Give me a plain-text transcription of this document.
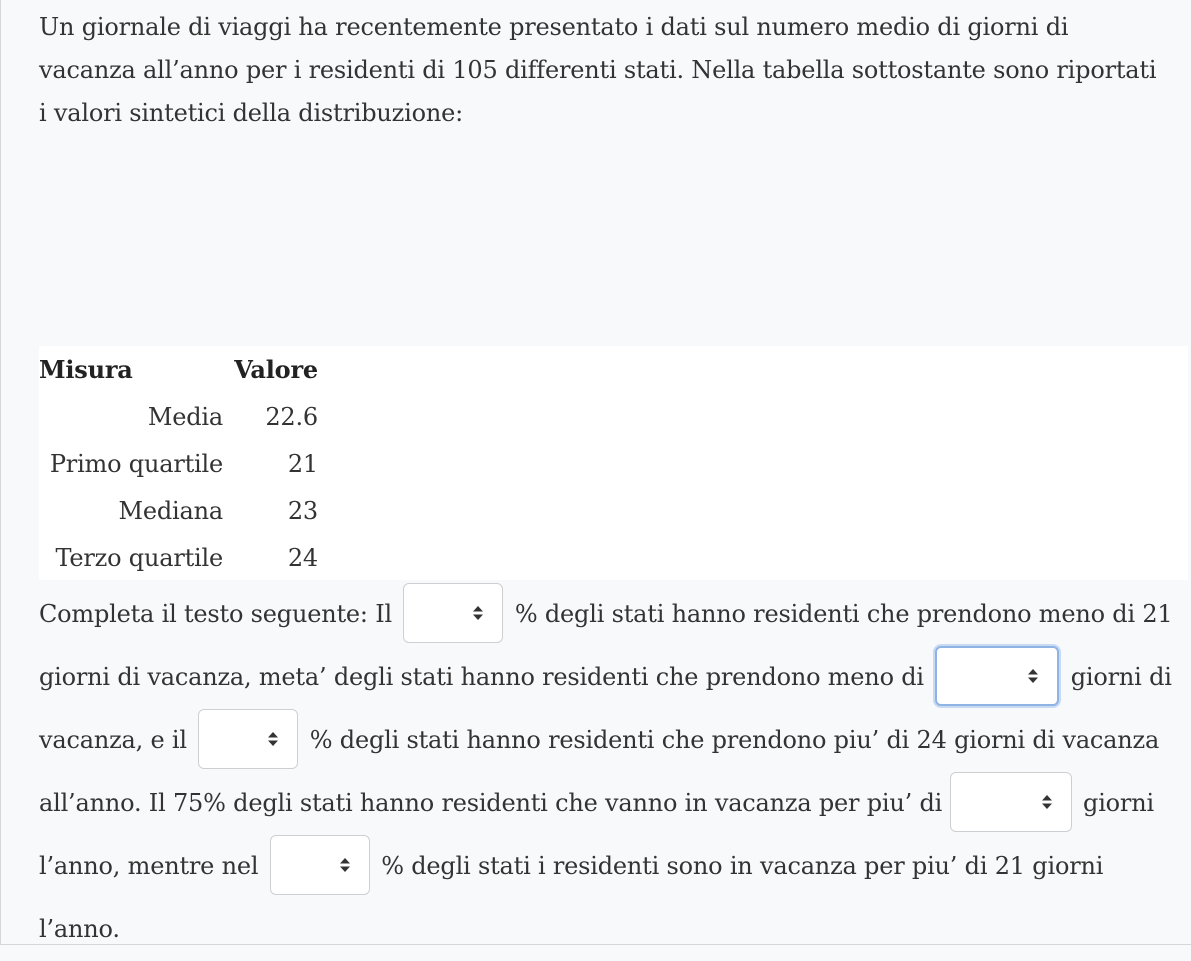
Un giornale di viaggi ha recentemente presentato i dati sul numero medio di giorni di vacanza all’anno per i residenti di 105 differenti stati. Nella tabella sottostante sono riportati i valori sintetici della distribuzione:

Misura	Valore
Media	22.6
Primo quartile	21
Mediana	23
Terzo quartile	24

Completa il testo seguente: Il	% degli stati hanno residenti che prendono meno di 21 giorni di vacanza, meta’ degli stati hanno residenti che prendono meno di	giorni di vacanza, e il	% degli stati hanno residenti che prendono piu’ di 24 giorni di vacanza all’anno. Il 75% degli stati hanno residenti che vanno in vacanza per piu’ di	giorni l’anno, mentre nel	% degli stati i residenti sono in vacanza per piu’ di 21 giorni l’anno.
